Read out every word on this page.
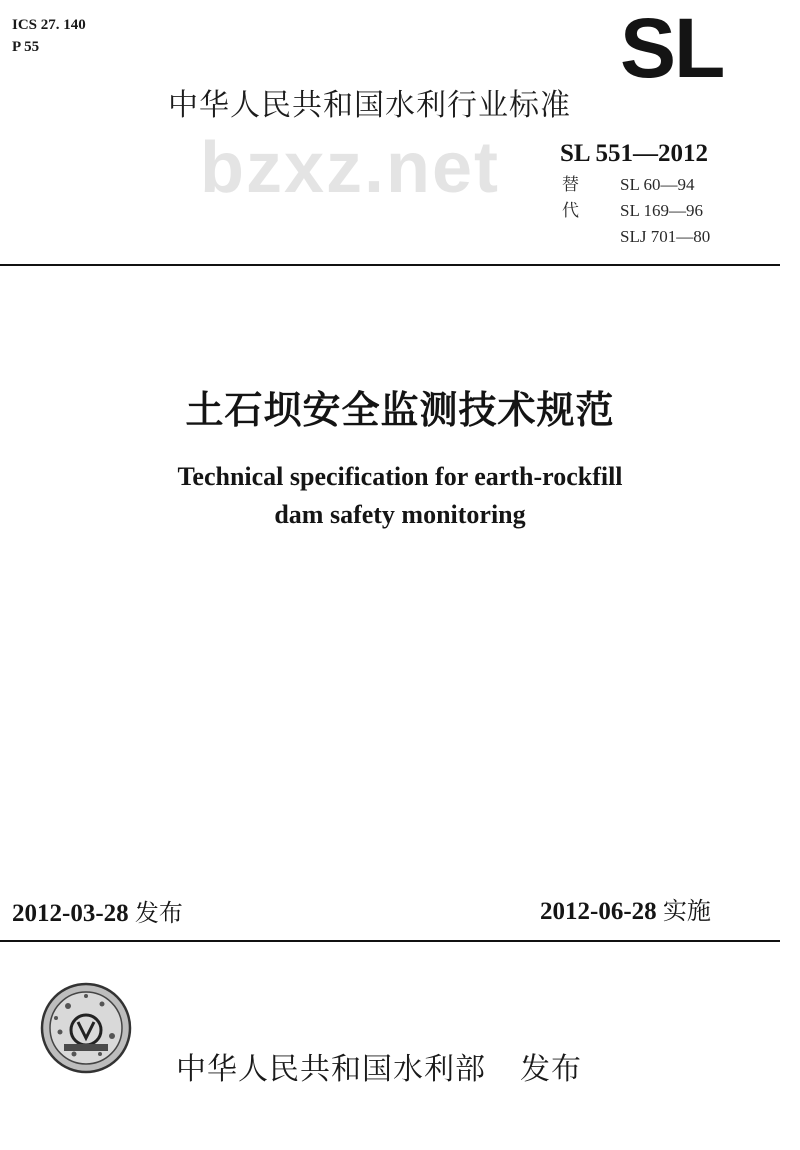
ICS 27. 140
P 55	SL
bzxz.net
中华人民共和国水利行业标准
SL 551—2012
替代
SL 60—94
SL 169—96
SLJ 701—80
土石坝安全监测技术规范
Technical specification for earth-rockfill
dam safety monitoring
2012-03-28 发布	2012-06-28 实施
中华人民共和国水利部 发布
